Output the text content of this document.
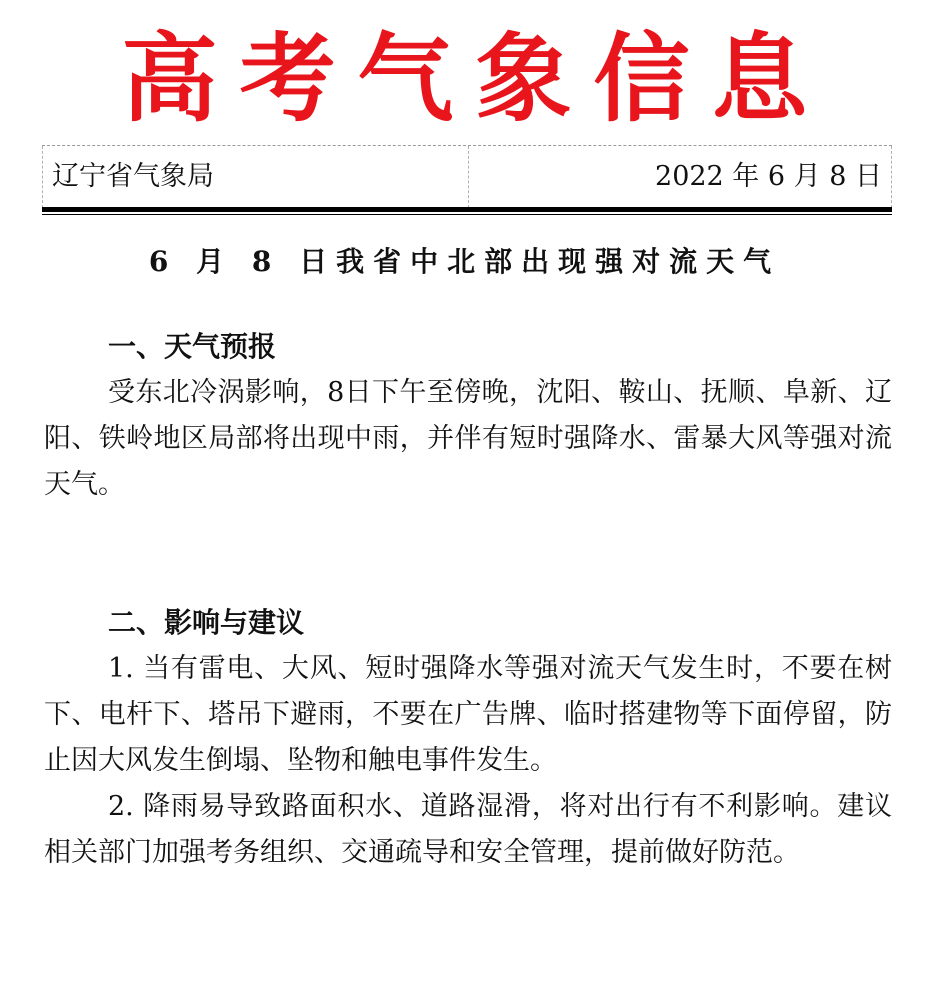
高考气象信息
辽宁省气象局	2022 年 6 月 8 日
6 月 8 日我省中北部出现强对流天气

一、天气预报

受东北冷涡影响，8日下午至傍晚，沈阳、鞍山、抚顺、阜新、辽阳、铁岭地区局部将出现中雨，并伴有短时强降水、雷暴大风等强对流天气。

二、影响与建议

1. 当有雷电、大风、短时强降水等强对流天气发生时，不要在树下、电杆下、塔吊下避雨，不要在广告牌、临时搭建物等下面停留，防止因大风发生倒塌、坠物和触电事件发生。

2. 降雨易导致路面积水、道路湿滑，将对出行有不利影响。建议相关部门加强考务组织、交通疏导和安全管理，提前做好防范。
